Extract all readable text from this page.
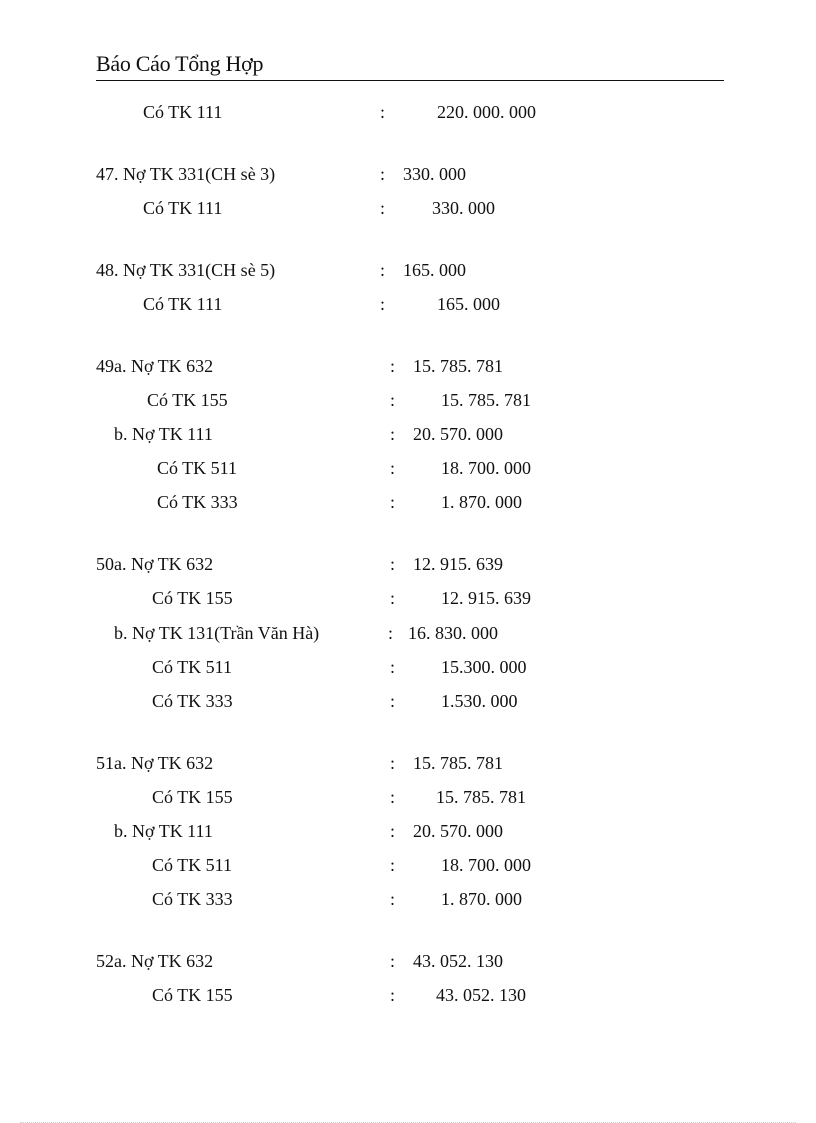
Báo Cáo Tổng Hợp
Có TK 111	:	220. 000. 000
47. Nợ TK 331(CH sè 3)	: 330. 000
Có TK 111	:	330. 000
48. Nợ TK 331(CH sè 5)	: 165. 000
Có TK 111	:	165. 000
49a. Nợ TK 632	: 15. 785. 781
Có TK 155	:	15. 785. 781
b. Nợ TK 111	: 20. 570. 000
Có TK 511	:	18. 700. 000
Có TK 333	:	1. 870. 000
50a. Nợ TK 632	: 12. 915. 639
Có TK 155	:	12. 915. 639
b. Nợ TK 131(Trần Văn Hà)	: 16. 830. 000
Có TK 511	:	15.300. 000
Có TK 333	:	1.530. 000
51a. Nợ TK 632	: 15. 785. 781
Có TK 155	: 15. 785. 781
b. Nợ TK 111	: 20. 570. 000
Có TK 511	:	18. 700. 000
Có TK 333	:	1. 870. 000
52a. Nợ TK 632	: 43. 052. 130
Có TK 155	: 43. 052. 130
